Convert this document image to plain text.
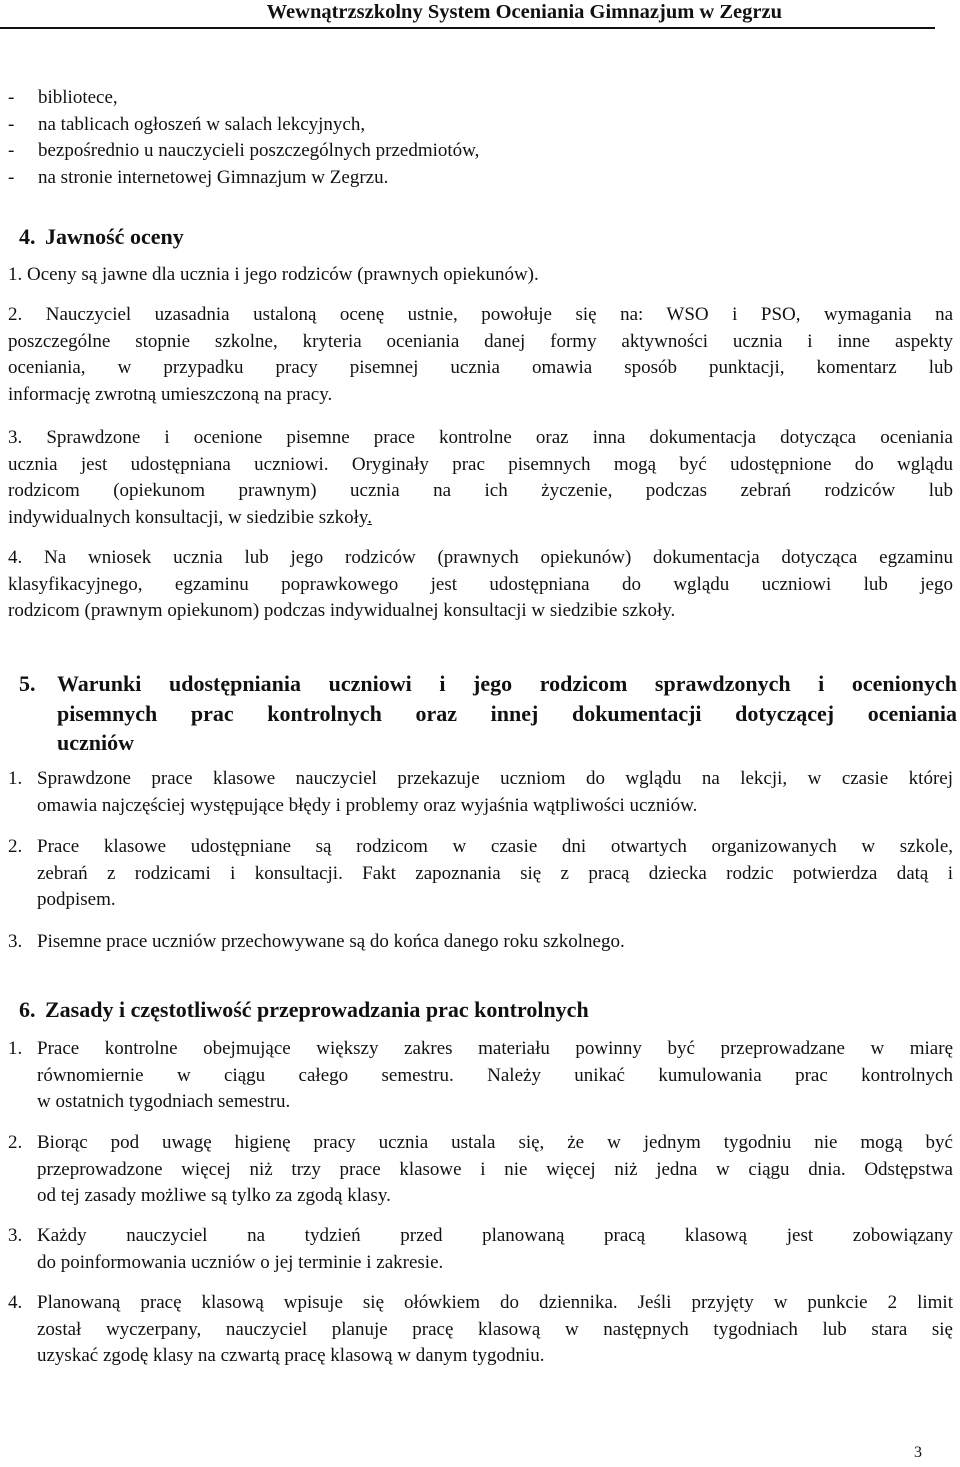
Wewnątrzszkolny System Oceniania Gimnazjum w Zegrzu
- bibliotece,
- na tablicach ogłoszeń w salach lekcyjnych,
- bezpośrednio u nauczycieli poszczególnych przedmiotów,
- na stronie internetowej Gimnazjum w Zegrzu.
4. Jawność oceny
1. Oceny są jawne dla ucznia i jego rodziców (prawnych opiekunów).
2. Nauczyciel uzasadnia ustaloną ocenę ustnie, powołuje się na: WSO i PSO, wymagania na
poszczególne stopnie szkolne, kryteria oceniania danej formy aktywności ucznia i inne aspekty
oceniania, w przypadku pracy pisemnej ucznia omawia sposób punktacji, komentarz lub
informację zwrotną umieszczoną na pracy.
3. Sprawdzone i ocenione pisemne prace kontrolne oraz inna dokumentacja dotycząca oceniania
ucznia jest udostępniana uczniowi. Oryginały prac pisemnych mogą być udostępnione do wglądu
rodzicom (opiekunom prawnym) ucznia na ich życzenie, podczas zebrań rodziców lub
indywidualnych konsultacji, w siedzibie szkoły.
4. Na wniosek ucznia lub jego rodziców (prawnych opiekunów) dokumentacja dotycząca egzaminu
klasyfikacyjnego, egzaminu poprawkowego jest udostępniana do wglądu uczniowi lub jego
rodzicom (prawnym opiekunom) podczas indywidualnej konsultacji w siedzibie szkoły.
5. Warunki udostępniania uczniowi i jego rodzicom sprawdzonych i ocenionych
pisemnych prac kontrolnych oraz innej dokumentacji dotyczącej oceniania
uczniów
1. Sprawdzone prace klasowe nauczyciel przekazuje uczniom do wglądu na lekcji, w czasie której
omawia najczęściej występujące błędy i problemy oraz wyjaśnia wątpliwości uczniów.
2. Prace klasowe udostępniane są rodzicom w czasie dni otwartych organizowanych w szkole,
zebrań z rodzicami i konsultacji. Fakt zapoznania się z pracą dziecka rodzic potwierdza datą i
podpisem.
3. Pisemne prace uczniów przechowywane są do końca danego roku szkolnego.
6. Zasady i częstotliwość przeprowadzania prac kontrolnych
1. Prace kontrolne obejmujące większy zakres materiału powinny być przeprowadzane w miarę
równomiernie w ciągu całego semestru. Należy unikać kumulowania prac kontrolnych
w ostatnich tygodniach semestru.
2. Biorąc pod uwagę higienę pracy ucznia ustala się, że w jednym tygodniu nie mogą być
przeprowadzone więcej niż trzy prace klasowe i nie więcej niż jedna w ciągu dnia. Odstępstwa
od tej zasady możliwe są tylko za zgodą klasy.
3. Każdy nauczyciel na tydzień przed planowaną pracą klasową jest zobowiązany
do poinformowania uczniów o jej terminie i zakresie.
4. Planowaną pracę klasową wpisuje się ołówkiem do dziennika. Jeśli przyjęty w punkcie 2 limit
został wyczerpany, nauczyciel planuje pracę klasową w następnych tygodniach lub stara się
uzyskać zgodę klasy na czwartą pracę klasową w danym tygodniu.
3
